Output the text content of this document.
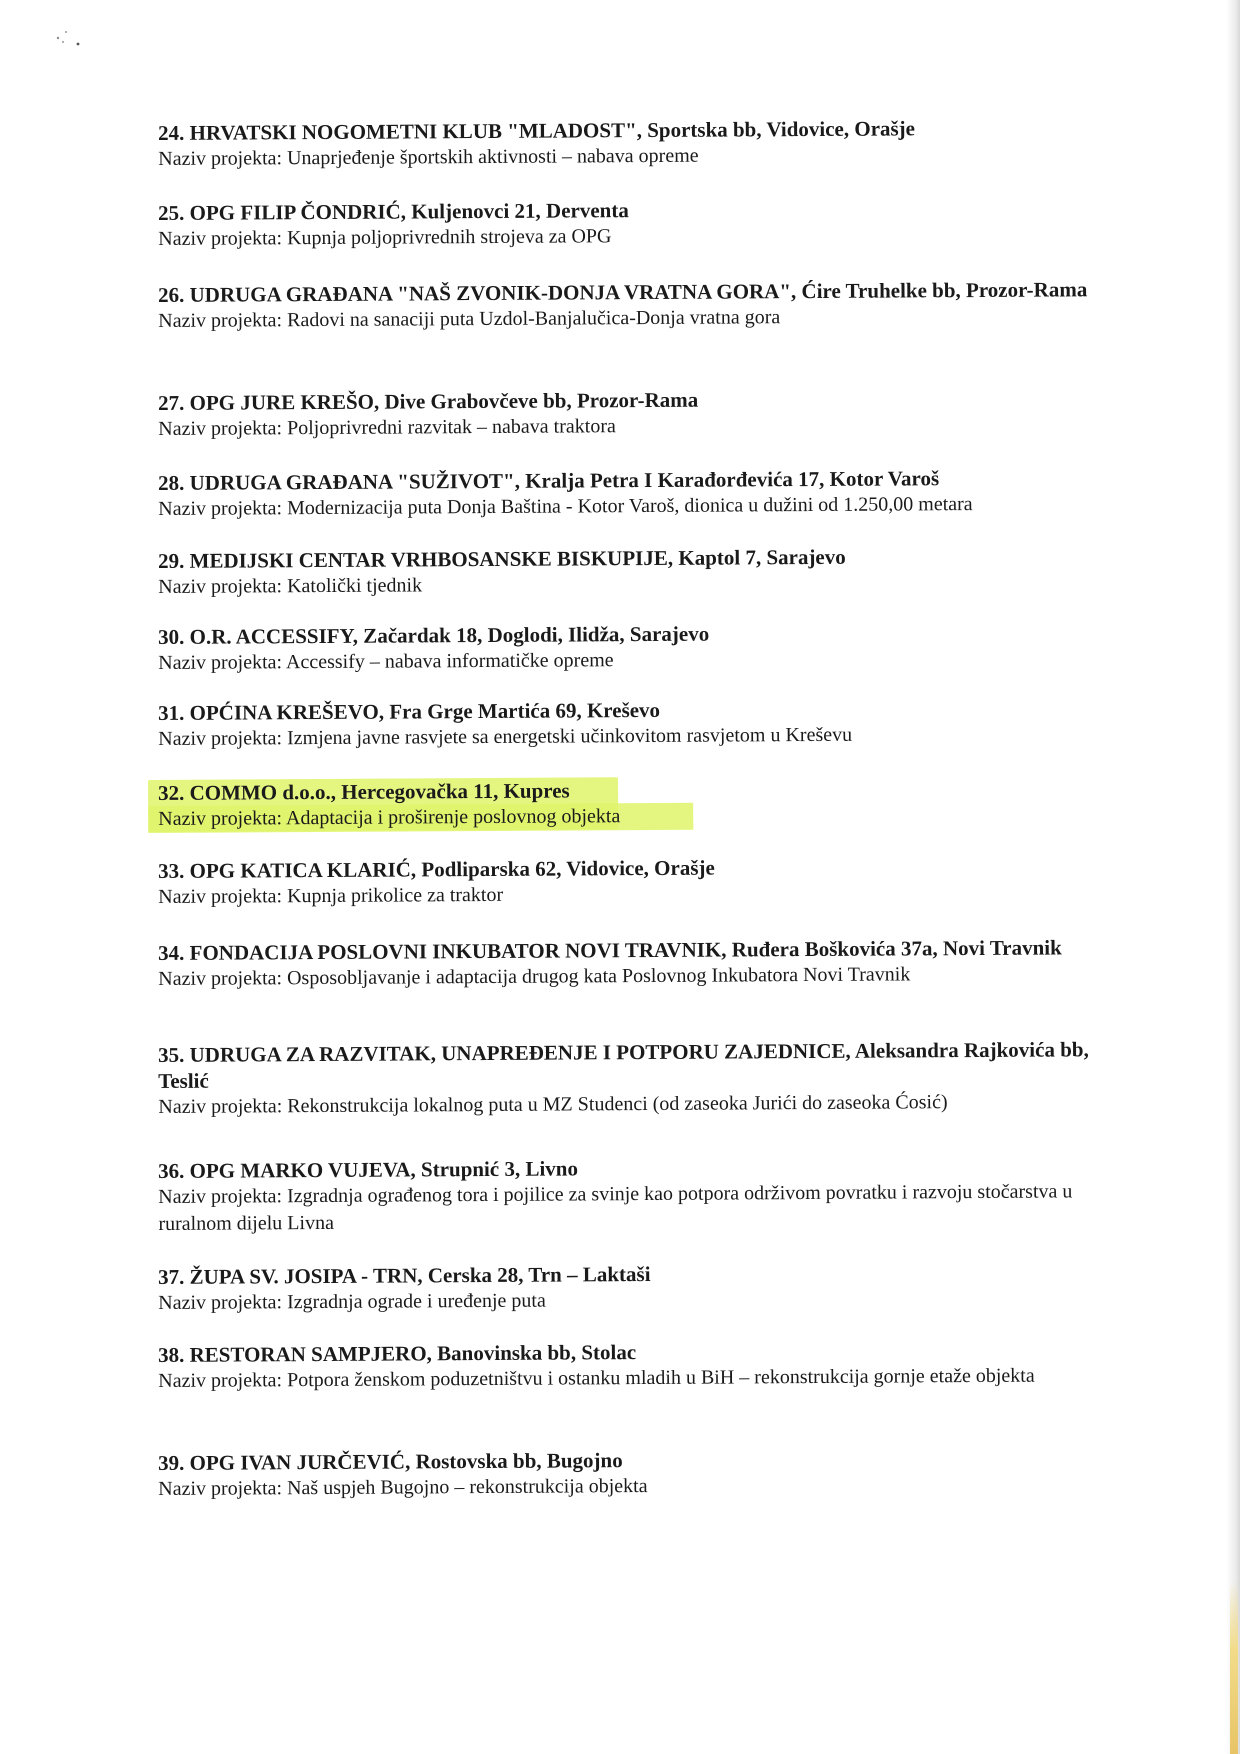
24. HRVATSKI NOGOMETNI KLUB "MLADOST", Sportska bb, Vidovice, Orašje
Naziv projekta: Unaprjeđenje športskih aktivnosti – nabava opreme
25. OPG FILIP ČONDRIĆ, Kuljenovci 21, Derventa
Naziv projekta: Kupnja poljoprivrednih strojeva za OPG
26. UDRUGA GRAĐANA "NAŠ ZVONIK-DONJA VRATNA GORA", Ćire Truhelke bb, Prozor-Rama
Naziv projekta: Radovi na sanaciji puta Uzdol-Banjalučica-Donja vratna gora
27. OPG JURE KREŠO, Dive Grabovčeve bb, Prozor-Rama
Naziv projekta: Poljoprivredni razvitak – nabava traktora
28. UDRUGA GRAĐANA "SUŽIVOT", Kralja Petra I Karađorđevića 17, Kotor Varoš
Naziv projekta: Modernizacija puta Donja Baština - Kotor Varoš, dionica u dužini od 1.250,00 metara
29. MEDIJSKI CENTAR VRHBOSANSKE BISKUPIJE, Kaptol 7, Sarajevo
Naziv projekta: Katolički tjednik
30. O.R. ACCESSIFY, Začardak 18, Doglodi, Ilidža, Sarajevo
Naziv projekta: Accessify – nabava informatičke opreme
31. OPĆINA KREŠEVO, Fra Grge Martića 69, Kreševo
Naziv projekta: Izmjena javne rasvjete sa energetski učinkovitom rasvjetom u Kreševu
32. COMMO d.o.o., Hercegovačka 11, Kupres
Naziv projekta: Adaptacija i proširenje poslovnog objekta
33. OPG KATICA KLARIĆ, Podliparska 62, Vidovice, Orašje
Naziv projekta: Kupnja prikolice za traktor
34. FONDACIJA POSLOVNI INKUBATOR NOVI TRAVNIK, Ruđera Boškovića 37a, Novi Travnik
Naziv projekta: Osposobljavanje i adaptacija drugog kata Poslovnog Inkubatora Novi Travnik
35. UDRUGA ZA RAZVITAK, UNAPREĐENJE I POTPORU ZAJEDNICE, Aleksandra Rajkovića bb, Teslić
Naziv projekta: Rekonstrukcija lokalnog puta u MZ Studenci (od zaseoka Jurići do zaseoka Ćosić)
36. OPG MARKO VUJEVA, Strupnić 3, Livno
Naziv projekta: Izgradnja ograđenog tora i pojilice za svinje kao potpora održivom povratku i razvoju stočarstva u ruralnom dijelu Livna
37. ŽUPA SV. JOSIPA - TRN, Cerska 28, Trn – Laktaši
Naziv projekta: Izgradnja ograde i uređenje puta
38. RESTORAN SAMPJERO, Banovinska bb, Stolac
Naziv projekta: Potpora ženskom poduzetništvu i ostanku mladih u BiH – rekonstrukcija gornje etaže objekta
39. OPG IVAN JURČEVIĆ, Rostovska bb, Bugojno
Naziv projekta: Naš uspjeh Bugojno – rekonstrukcija objekta
